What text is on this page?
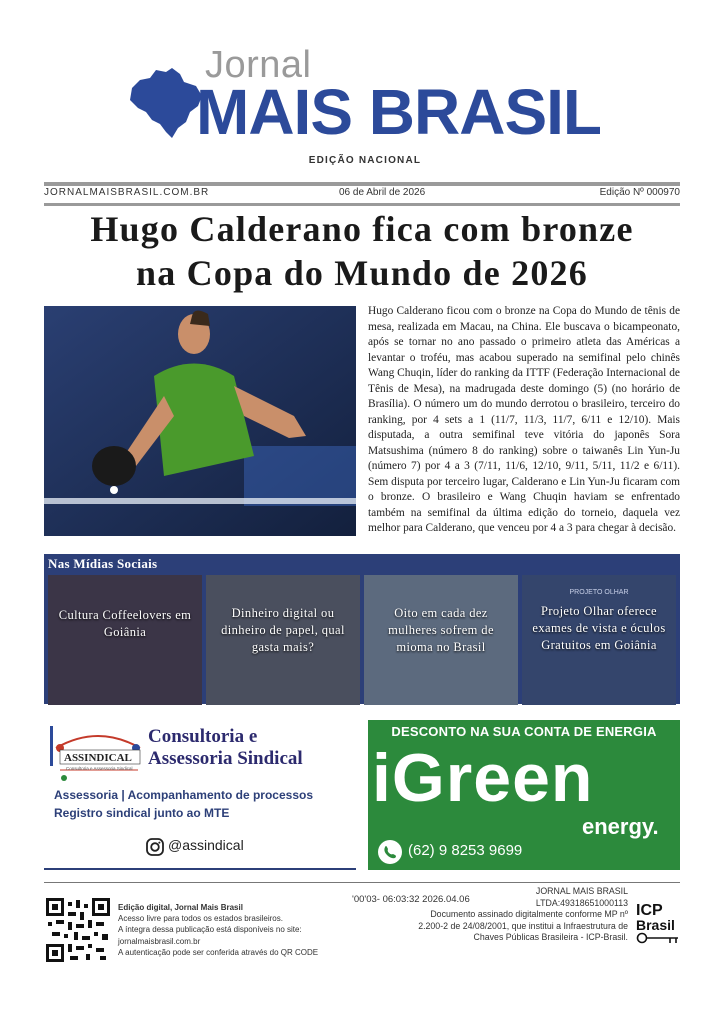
Jornal
MAIS BRASIL
EDIÇÃO NACIONAL
JORNALMAISBRASIL.COM.BR	06 de Abril de 2026	Edição Nº 000970
Hugo Calderano fica com bronze
na Copa do Mundo de 2026
Hugo Calderano ficou com o bronze na Copa do Mundo de tênis de mesa, realizada em Macau, na China. Ele buscava o bicampeonato, após se tornar no ano passado o primeiro atleta das Américas a levantar o troféu, mas acabou superado na semifinal pelo chinês Wang Chuqin, líder do ranking da ITTF (Federação Internacional de Tênis de Mesa), na madrugada deste domingo (5) (no horário de Brasília). O número um do mundo derrotou o brasileiro, terceiro do ranking, por 4 sets a 1 (11/7, 11/3, 11/7, 6/11 e 12/10). Mais disputada, a outra semifinal teve vitória do japonês Sora Matsushima (número 8 do ranking) sobre o taiwanês Lin Yun-Ju (número 7) por 4 a 3 (7/11, 11/6, 12/10, 9/11, 5/11, 11/2 e 6/11). Sem disputa por terceiro lugar, Calderano e Lin Yun-Ju ficaram com o bronze. O brasileiro e Wang Chuqin haviam se enfrentado também na semifinal da última edição do torneio, daquela vez melhor para Calderano, que venceu por 4 a 3 para chegar à decisão.
Nas Mídias Sociais
Cultura Coffeelovers em Goiânia
Dinheiro digital ou dinheiro de papel, qual gasta mais?
Oito em cada dez mulheres sofrem de mioma no Brasil
PROJETO OLHAR
Projeto Olhar oferece exames de vista e óculos Gratuitos em Goiânia
ASSINDICAL
Consultoria e Assessoria Sindical
Consultoria e
Assessoria Sindical
Assessoria | Acompanhamento de processos
Registro sindical junto ao MTE
@assindical
DESCONTO NA SUA CONTA DE ENERGIA
iGreen
energy.
(62) 9 8253 9699
Edição digital, Jornal Mais Brasil
Acesso livre para todos os estados brasileiros.
A íntegra dessa publicação está disponíveis no site:
jornalmaisbrasil.com.br
A autenticação pode ser conferida através do QR CODE
'00'03- 06:03:32 2026.04.06
JORNAL MAIS BRASIL
LTDA:49318651000113
Documento assinado digitalmente conforme MP nº
2.200-2 de 24/08/2001, que institui a Infraestrutura de
Chaves Públicas Brasileira - ICP-Brasil.
ICP
Brasil
